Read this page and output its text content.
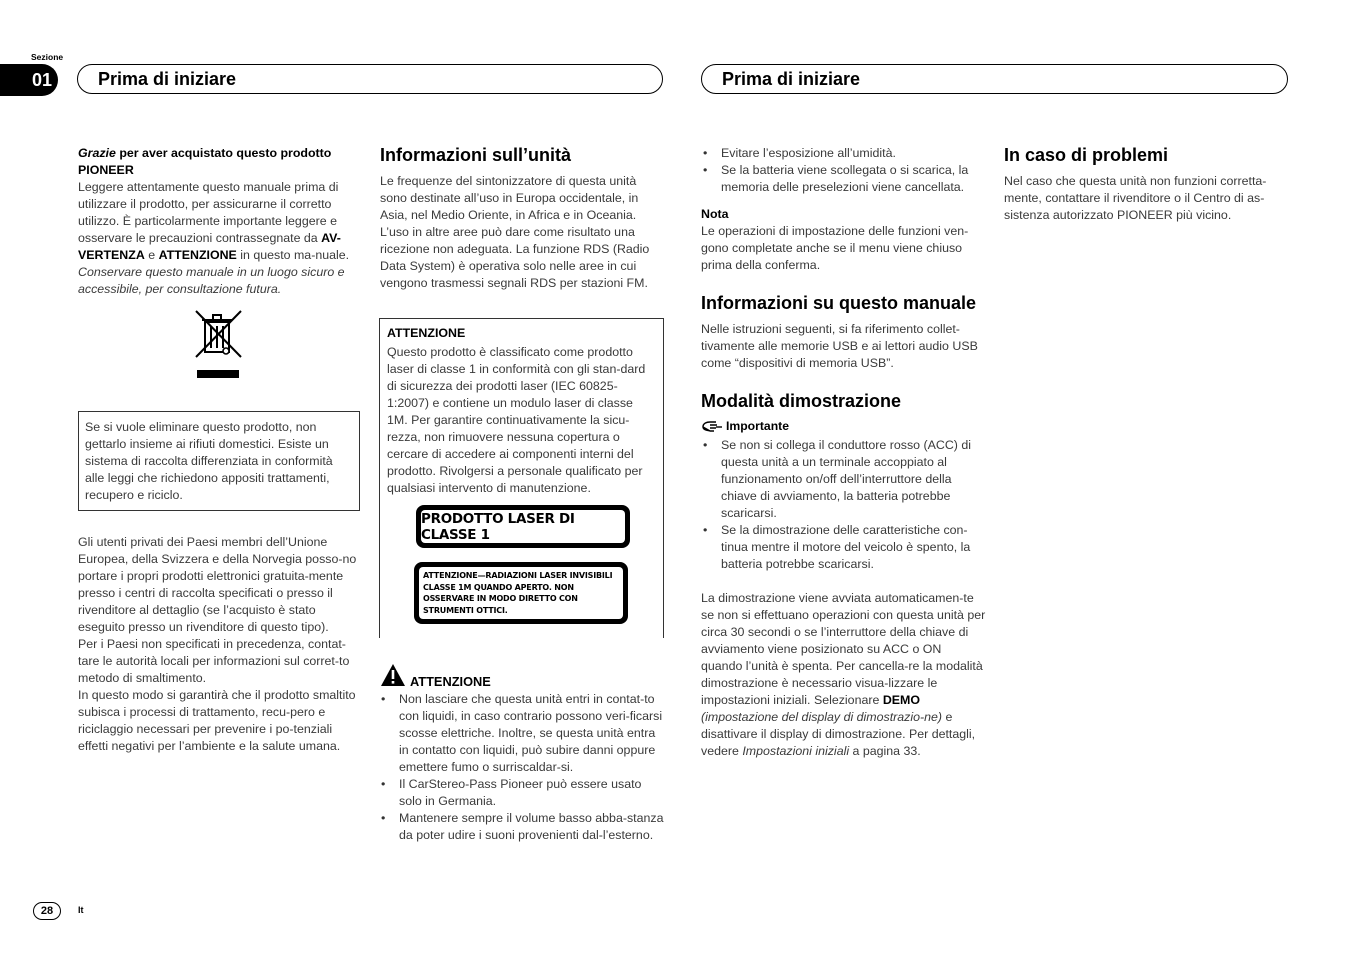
Sezione
01	Prima di iniziare	Prima di iniziare

Grazie per aver acquistato questo prodotto PIONEER

Leggere attentamente questo manuale prima di utilizzare il prodotto, per assicurarne il corretto utilizzo. È particolarmente importante leggere e osservare le precauzioni contrassegnate da AV-VERTENZA e ATTENZIONE in questo ma-nuale. Conservare questo manuale in un luogo sicuro e accessibile, per consultazione futura.

Se si vuole eliminare questo prodotto, non gettarlo insieme ai rifiuti domestici. Esiste un sistema di raccolta differenziata in conformità alle leggi che richiedono appositi trattamenti, recupero e riciclo.

Gli utenti privati dei Paesi membri dell’Unione Europea, della Svizzera e della Norvegia posso-no portare i propri prodotti elettronici gratuita-mente presso i centri di raccolta specificati o presso il rivenditore al dettaglio (se l’acquisto è stato eseguito presso un rivenditore di questo tipo).

Per i Paesi non specificati in precedenza, contat-tare le autorità locali per informazioni sul corret-to metodo di smaltimento.

In questo modo si garantirà che il prodotto smaltito subisca i processi di trattamento, recu-pero e riciclaggio necessari per prevenire i po-tenziali effetti negativi per l’ambiente e la salute umana.

Informazioni sull’unità

Le frequenze del sintonizzatore di questa unità sono destinate all’uso in Europa occidentale, in Asia, nel Medio Oriente, in Africa e in Oceania. L’uso in altre aree può dare come risultato una ricezione non adeguata. La funzione RDS (Radio Data System) è operativa solo nelle aree in cui vengono trasmessi segnali RDS per stazioni FM.

ATTENZIONE

Questo prodotto è classificato come prodotto laser di classe 1 in conformità con gli stan-dard di sicurezza dei prodotti laser (IEC 60825-1:2007) e contiene un modulo laser di classe 1M. Per garantire continuativamente la sicu-rezza, non rimuovere nessuna copertura o cercare di accedere ai componenti interni del prodotto. Rivolgersi a personale qualificato per qualsiasi intervento di manutenzione.

PRODOTTO LASER DI CLASSE 1
ATTENZIONE—RADIAZIONI LASER INVISIBILI CLASSE 1M QUANDO APERTO. NON OSSERVARE IN MODO DIRETTO CON STRUMENTI OTTICI.
ATTENZIONE
• Non lasciare che questa unità entri in contat-to con liquidi, in caso contrario possono veri-ficarsi scosse elettriche. Inoltre, se questa unità entra in contatto con liquidi, può subire danni oppure emettere fumo o surriscaldar-si.
• Il CarStereo-Pass Pioneer può essere usato solo in Germania.
• Mantenere sempre il volume basso abba-stanza da poter udire i suoni provenienti dal-l’esterno.
• Evitare l’esposizione all’umidità.
• Se la batteria viene scollegata o si scarica, la memoria delle preselezioni viene cancellata.

Nota

Le operazioni di impostazione delle funzioni ven-gono completate anche se il menu viene chiuso prima della conferma.

Informazioni su questo manuale

Nelle istruzioni seguenti, si fa riferimento collet-tivamente alle memorie USB e ai lettori audio USB come “dispositivi di memoria USB”.

Modalità dimostrazione

Importante
• Se non si collega il conduttore rosso (ACC) di questa unità a un terminale accoppiato al funzionamento on/off dell’interruttore della chiave di avviamento, la batteria potrebbe scaricarsi.
• Se la dimostrazione delle caratteristiche con-tinua mentre il motore del veicolo è spento, la batteria potrebbe scaricarsi.

La dimostrazione viene avviata automaticamen-te se non si effettuano operazioni con questa unità per circa 30 secondi o se l’interruttore della chiave di avviamento viene posizionato su ACC o ON quando l’unità è spenta. Per cancella-re la modalità dimostrazione è necessario visua-lizzare le impostazioni iniziali. Selezionare DEMO (impostazione del display di dimostrazio-ne) e disattivare il display di dimostrazione. Per dettagli, vedere Impostazioni iniziali a pagina 33.

In caso di problemi

Nel caso che questa unità non funzioni corretta-mente, contattare il rivenditore o il Centro di as-sistenza autorizzato PIONEER più vicino.

28	It
